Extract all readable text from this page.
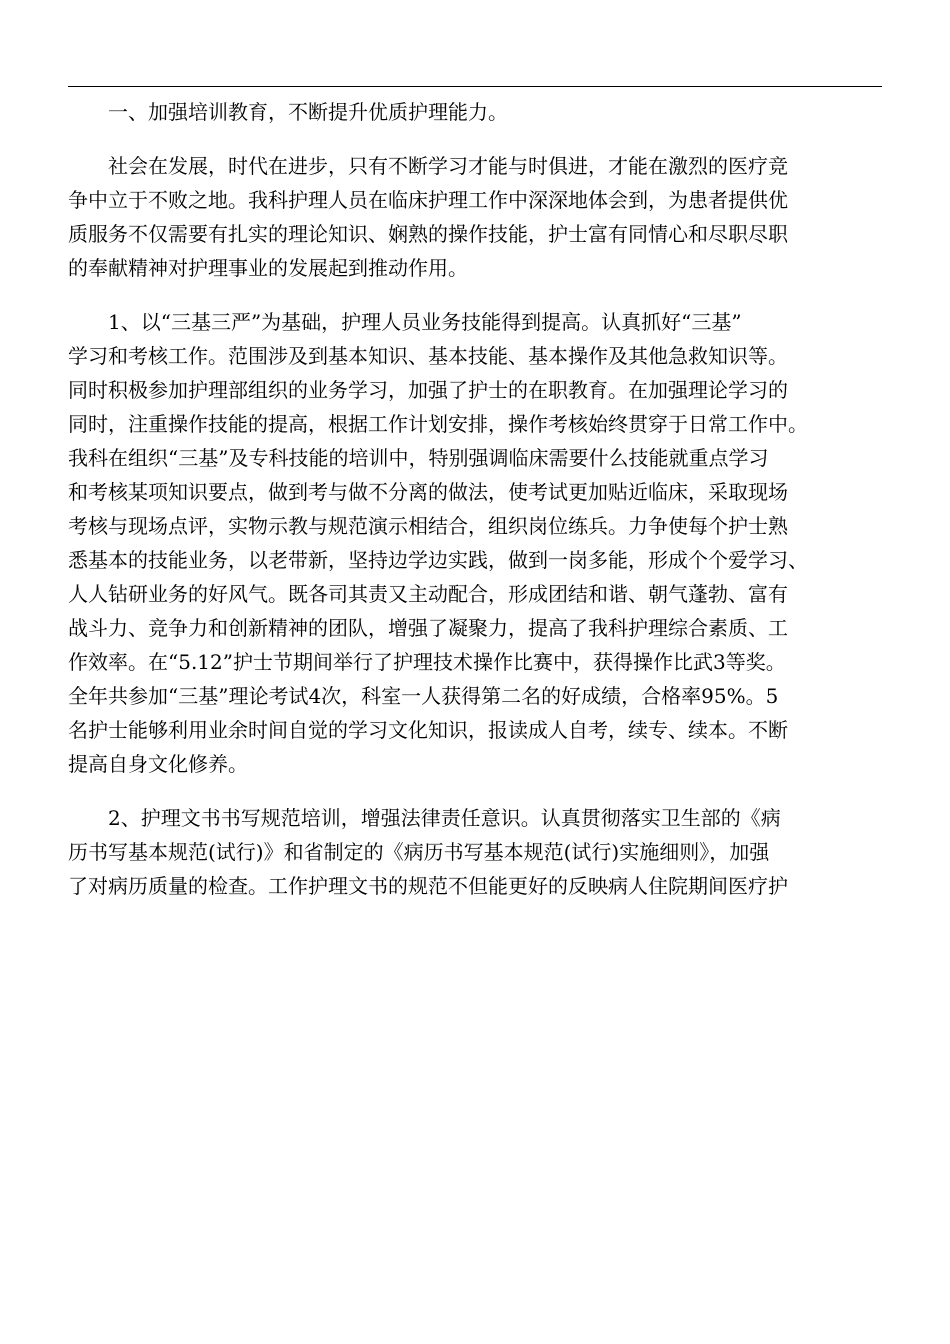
一、加强培训教育，不断提升优质护理能力。

社会在发展，时代在进步，只有不断学习才能与时俱进，才能在激烈的医疗竞
争中立于不败之地。我科护理人员在临床护理工作中深深地体会到，为患者提供优
质服务不仅需要有扎实的理论知识、娴熟的操作技能，护士富有同情心和尽职尽职
的奉献精神对护理事业的发展起到推动作用。

1、以“三基三严”为基础，护理人员业务技能得到提高。认真抓好“三基”
学习和考核工作。范围涉及到基本知识、基本技能、基本操作及其他急救知识等。
同时积极参加护理部组织的业务学习，加强了护士的在职教育。在加强理论学习的
同时，注重操作技能的提高，根据工作计划安排，操作考核始终贯穿于日常工作中。
我科在组织“三基”及专科技能的培训中，特别强调临床需要什么技能就重点学习
和考核某项知识要点，做到考与做不分离的做法，使考试更加贴近临床，采取现场
考核与现场点评，实物示教与规范演示相结合，组织岗位练兵。力争使每个护士熟
悉基本的技能业务，以老带新，坚持边学边实践，做到一岗多能，形成个个爱学习、
人人钻研业务的好风气。既各司其责又主动配合，形成团结和谐、朝气蓬勃、富有
战斗力、竞争力和创新精神的团队，增强了凝聚力，提高了我科护理综合素质、工
作效率。在“5.12”护士节期间举行了护理技术操作比赛中，获得操作比武3等奖。
全年共参加“三基”理论考试4次，科室一人获得第二名的好成绩，合格率95%。5
名护士能够利用业余时间自觉的学习文化知识，报读成人自考，续专、续本。不断
提高自身文化修养。

2、护理文书书写规范培训，增强法律责任意识。认真贯彻落实卫生部的《病
历书写基本规范(试行)》和省制定的《病历书写基本规范(试行)实施细则》，加强
了对病历质量的检查。工作护理文书的规范不但能更好的反映病人住院期间医疗护
